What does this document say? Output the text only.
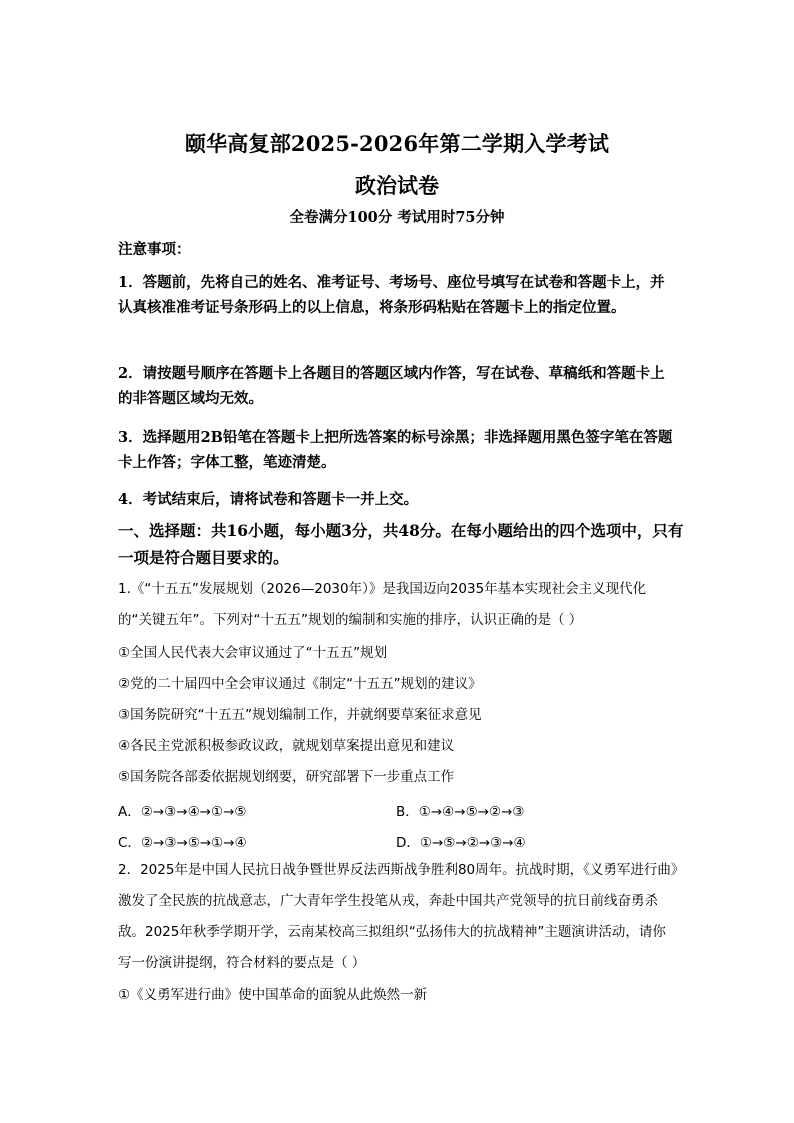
颐华高复部2025-2026年第二学期入学考试
政治试卷
全卷满分100分 考试用时75分钟
注意事项：
1．答题前，先将自己的姓名、准考证号、考场号、座位号填写在试卷和答题卡上，并认真核准准考证号条形码上的以上信息，将条形码粘贴在答题卡上的指定位置。
2．请按题号顺序在答题卡上各题目的答题区域内作答，写在试卷、草稿纸和答题卡上的非答题区域均无效。
3．选择题用2B铅笔在答题卡上把所选答案的标号涂黑；非选择题用黑色签字笔在答题卡上作答；字体工整，笔迹清楚。
4．考试结束后，请将试卷和答题卡一并上交。
一、选择题：共16小题，每小题3分，共48分。在每小题给出的四个选项中，只有一项是符合题目要求的。
1.《“十五五”发展规划（2026—2030年）》是我国迈向2035年基本实现社会主义现代化的“关键五年”。下列对“十五五”规划的编制和实施的排序，认识正确的是（ ）
①全国人民代表大会审议通过了“十五五”规划
②党的二十届四中全会审议通过《制定“十五五”规划的建议》
③国务院研究“十五五”规划编制工作，并就纲要草案征求意见
④各民主党派积极参政议政，就规划草案提出意见和建议
⑤国务院各部委依据规划纲要，研究部署下一步重点工作
A．②→③→④→①→⑤	B．①→④→⑤→②→③
C．②→③→⑤→①→④	D．①→⑤→②→③→④
2．2025年是中国人民抗日战争暨世界反法西斯战争胜利80周年。抗战时期，《义勇军进行曲》激发了全民族的抗战意志，广大青年学生投笔从戎，奔赴中国共产党领导的抗日前线奋勇杀敌。2025年秋季学期开学，云南某校高三拟组织“弘扬伟大的抗战精神”主题演讲活动，请你写一份演讲提纲，符合材料的要点是（ ）
①《义勇军进行曲》使中国革命的面貌从此焕然一新
